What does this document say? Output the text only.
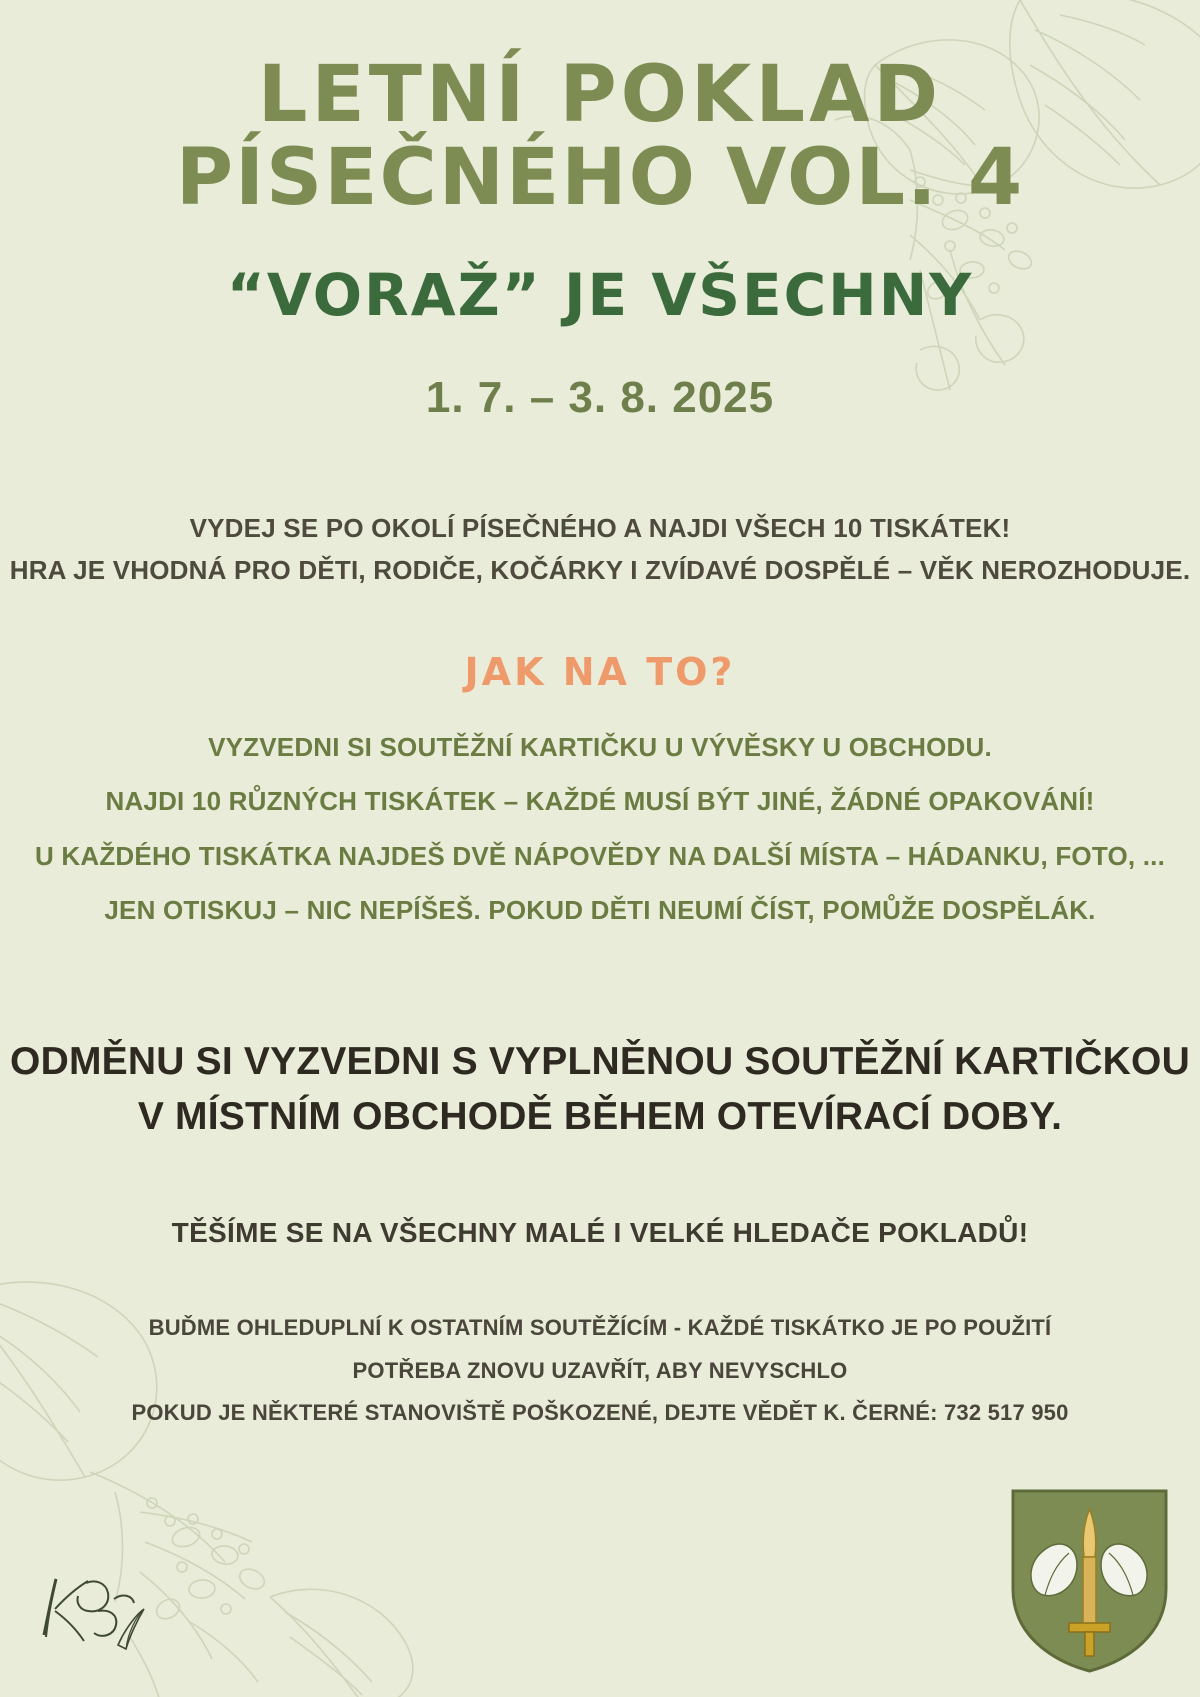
LETNÍ POKLAD
PÍSEČNÉHO VOL. 4
“VORAŽ” JE VŠECHNY
1. 7. – 3. 8. 2025
VYDEJ SE PO OKOLÍ PÍSEČNÉHO A NAJDI VŠECH 10 TISKÁTEK!
HRA JE VHODNÁ PRO DĚTI, RODIČE, KOČÁRKY I ZVÍDAVÉ DOSPĚLÉ – VĚK NEROZHODUJE.
JAK NA TO?
VYZVEDNI SI SOUTĚŽNÍ KARTIČKU U VÝVĚSKY U OBCHODU.
NAJDI 10 RŮZNÝCH TISKÁTEK – KAŽDÉ MUSÍ BÝT JINÉ, ŽÁDNÉ OPAKOVÁNÍ!
U KAŽDÉHO TISKÁTKA NAJDEŠ DVĚ NÁPOVĚDY NA DALŠÍ MÍSTA – HÁDANKU, FOTO, ...
JEN OTISKUJ – NIC NEPÍŠEŠ. POKUD DĚTI NEUMÍ ČÍST, POMŮŽE DOSPĚLÁK.
ODMĚNU SI VYZVEDNI S VYPLNĚNOU SOUTĚŽNÍ KARTIČKOU
V MÍSTNÍM OBCHODĚ BĚHEM OTEVÍRACÍ DOBY.
TĚŠÍME SE NA VŠECHNY MALÉ I VELKÉ HLEDAČE POKLADŮ!
BUĎME OHLEDUPLNÍ K OSTATNÍM SOUTĚŽÍCÍM - KAŽDÉ TISKÁTKO JE PO POUŽITÍ
POTŘEBA ZNOVU UZAVŘÍT, ABY NEVYSCHLO
POKUD JE NĚKTERÉ STANOVIŠTĚ POŠKOZENÉ, DEJTE VĚDĚT K. ČERNÉ: 732 517 950
